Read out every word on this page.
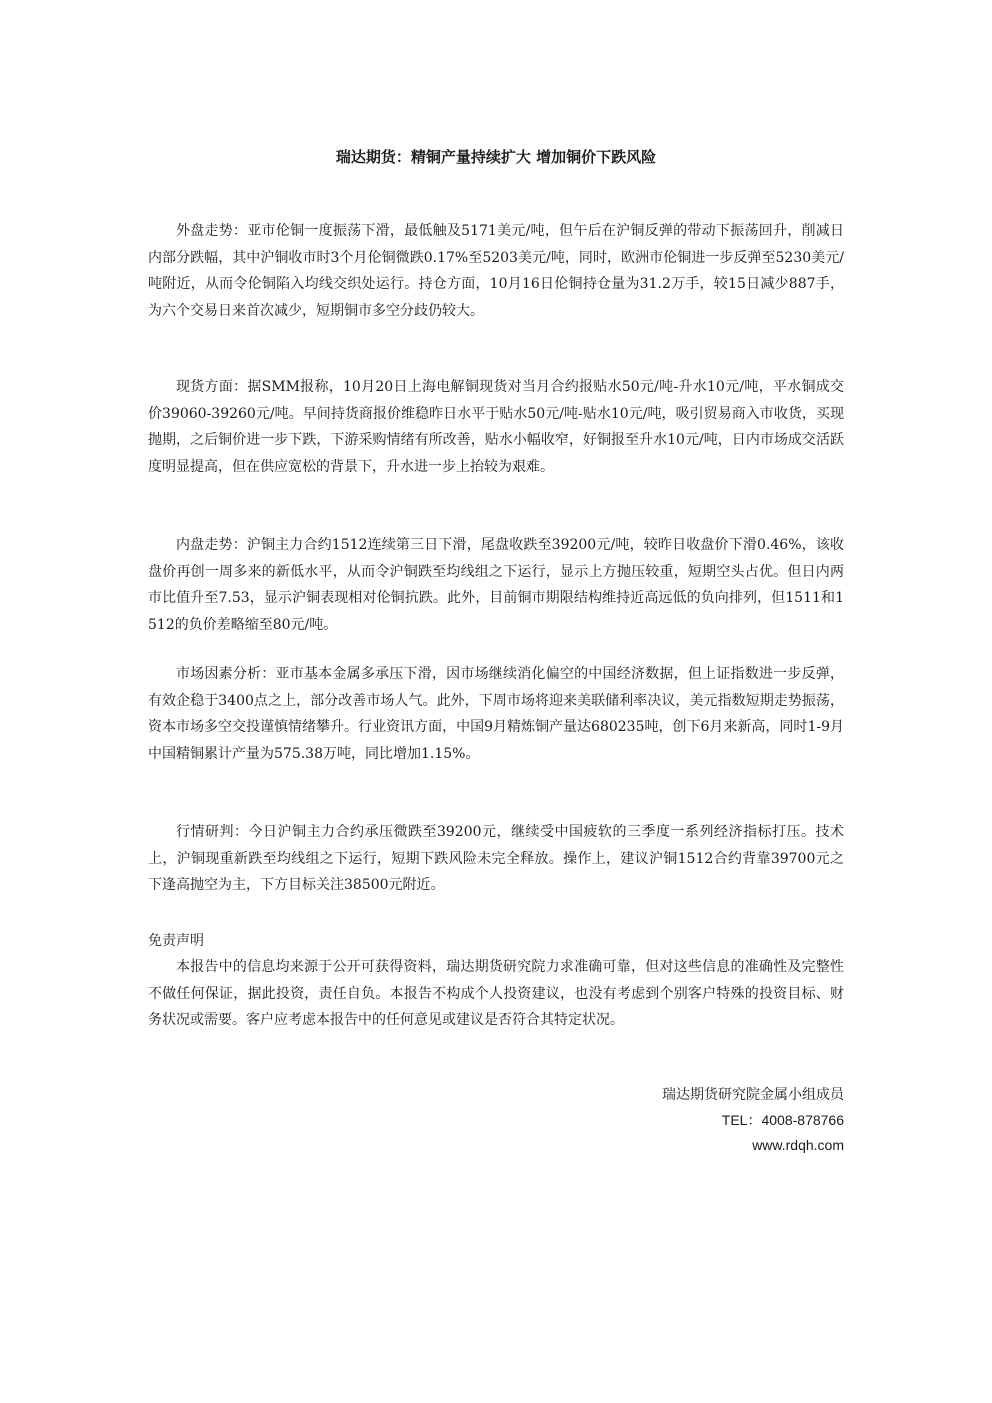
瑞达期货：精铜产量持续扩大 增加铜价下跌风险

外盘走势：亚市伦铜一度振荡下滑，最低触及5171美元/吨，但午后在沪铜反弹的带动下振荡回升，削减日内部分跌幅，其中沪铜收市时3个月伦铜微跌0.17%至5203美元/吨，同时，欧洲市伦铜进一步反弹至5230美元/吨附近，从而令伦铜陷入均线交织处运行。持仓方面，10月16日伦铜持仓量为31.2万手，较15日减少887手，为六个交易日来首次减少，短期铜市多空分歧仍较大。

现货方面：据SMM报称，10月20日上海电解铜现货对当月合约报贴水50元/吨-升水10元/吨，平水铜成交价39060-39260元/吨。早间持货商报价维稳昨日水平于贴水50元/吨-贴水10元/吨，吸引贸易商入市收货，买现抛期，之后铜价进一步下跌，下游采购情绪有所改善，贴水小幅收窄，好铜报至升水10元/吨，日内市场成交活跃度明显提高，但在供应宽松的背景下，升水进一步上抬较为艰难。

内盘走势：沪铜主力合约1512连续第三日下滑，尾盘收跌至39200元/吨，较昨日收盘价下滑0.46%，该收盘价再创一周多来的新低水平，从而令沪铜跌至均线组之下运行，显示上方抛压较重，短期空头占优。但日内两市比值升至7.53，显示沪铜表现相对伦铜抗跌。此外，目前铜市期限结构维持近高远低的负向排列，但1511和1512的负价差略缩至80元/吨。

市场因素分析：亚市基本金属多承压下滑，因市场继续消化偏空的中国经济数据，但上证指数进一步反弹，有效企稳于3400点之上，部分改善市场人气。此外，下周市场将迎来美联储利率决议，美元指数短期走势振荡，资本市场多空交投谨慎情绪攀升。行业资讯方面，中国9月精炼铜产量达680235吨，创下6月来新高，同时1-9月中国精铜累计产量为575.38万吨，同比增加1.15%。

行情研判：今日沪铜主力合约承压微跌至39200元，继续受中国疲软的三季度一系列经济指标打压。技术上，沪铜现重新跌至均线组之下运行，短期下跌风险未完全释放。操作上，建议沪铜1512合约背靠39700元之下逢高抛空为主，下方目标关注38500元附近。

免责声明

本报告中的信息均来源于公开可获得资料，瑞达期货研究院力求准确可靠，但对这些信息的准确性及完整性不做任何保证，据此投资，责任自负。本报告不构成个人投资建议，也没有考虑到个别客户特殊的投资目标、财务状况或需要。客户应考虑本报告中的任何意见或建议是否符合其特定状况。

瑞达期货研究院金属小组成员
TEL：4008-878766
www.rdqh.com
